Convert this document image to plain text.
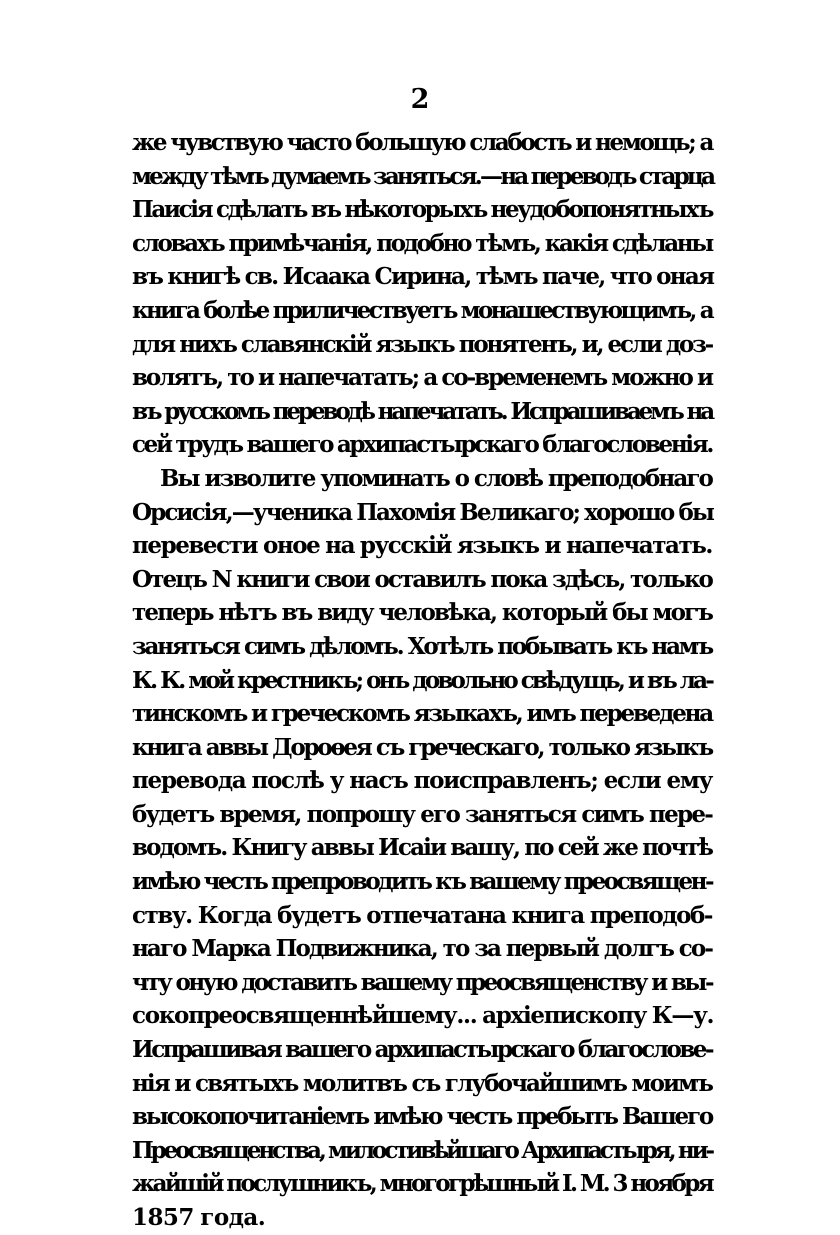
2
же чувствую часто большую слабость и немощь; а
между тѣмъ думаемъ заняться.—на переводъ старца
Паисія сдѣлать въ нѣкоторыхъ неудобопонятныхъ
словахъ примѣчанія, подобно тѣмъ, какія сдѣланы
въ книгѣ св. Исаака Сирина, тѣмъ паче, что оная
книга болѣе приличествуетъ монашествующимъ, а
для нихъ славянскій языкъ понятенъ, и, если доз-
волятъ, то и напечатать; а со-временемъ можно и
въ русскомъ переводѣ напечатать. Испрашиваемъ на
сей трудъ вашего архипастырскаго благословенія.
Вы изволите упоминать о словѣ преподобнаго
Орсисія,—ученика Пахомія Великаго; хорошо бы
перевести оное на русскій языкъ и напечатать.
Отецъ N книги свои оставилъ пока здѣсь, только
теперь нѣтъ въ виду человѣка, который бы могъ
заняться симъ дѣломъ. Хотѣлъ побывать къ намъ
К. К. мой крестникъ; онъ довольно свѣдущь, и въ ла-
тинскомъ и греческомъ языкахъ, имъ переведена
книга аввы Дороѳея съ греческаго, только языкъ
перевода послѣ у насъ поисправленъ; если ему
будетъ время, попрошу его заняться симъ пере-
водомъ. Книгу аввы Исаіи вашу, по сей же почтѣ
имѣю честь препроводить къ вашему преосвящен-
ству. Когда будетъ отпечатана книга преподоб-
наго Марка Подвижника, то за первый долгъ со-
чту оную доставить вашему преосвященству и вы-
сокопреосвященнѣйшему... архіепископу К—у.
Испрашивая вашего архипастырскаго благослове-
нія и святыхъ молитвъ съ глубочайшимъ моимъ
высокопочитаніемъ имѣю честь пребыть Вашего
Преосвященства, милостивѣйшаго Архипастыря, ни-
жайшій послушникъ, многогрѣшный І. М. 3 ноября
1857 года.
